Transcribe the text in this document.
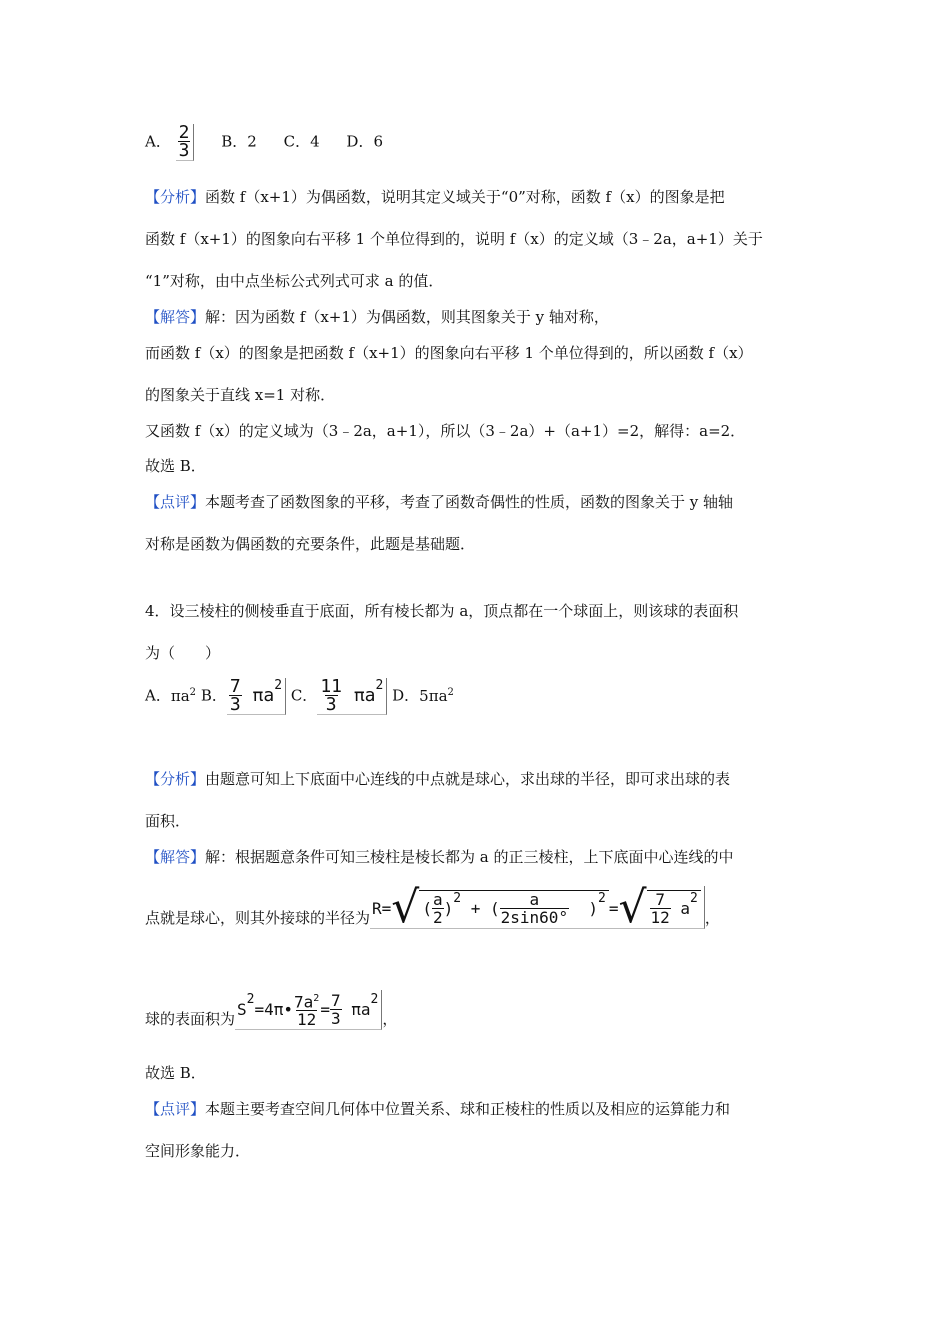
A． $\frac{2}{3}$ B．2 C．4 D．6
【分析】函数 f（x+1）为偶函数，说明其定义域关于“0”对称，函数 f（x）的图象是把
函数 f（x+1）的图象向右平移 1 个单位得到的，说明 f（x）的定义域（3﹣2a，a+1）关于
“1”对称，由中点坐标公式列式可求 a 的值．
【解答】解：因为函数 f（x+1）为偶函数，则其图象关于 y 轴对称，
而函数 f（x）的图象是把函数 f（x+1）的图象向右平移 1 个单位得到的，所以函数 f（x）
的图象关于直线 x=1 对称．
又函数 f（x）的定义域为（3﹣2a，a+1），所以（3﹣2a）+（a+1）=2，解得：a=2．
故选 B．
【点评】本题考查了函数图象的平移，考查了函数奇偶性的性质，函数的图象关于 y 轴轴
对称是函数为偶函数的充要条件，此题是基础题．
4．设三棱柱的侧棱垂直于底面，所有棱长都为 a，顶点都在一个球面上，则该球的表面积
为（　　）
A．$\pi a^2$ B． $\frac{7}{3}$
πa 2
C． $\frac{11}{3}$
πa 2
D．$5\pi a^2$
【分析】由题意可知上下底面中心连线的中点就是球心，求出球的半径，即可求出球的表
面积．
【解答】解：根据题意条件可知三棱柱是棱长都为 a 的正三棱柱，上下底面中心连线的中
点就是球心，则其外接球的半径为
R= √ ( $\frac{a}{2}$ )
2

+
( $\frac{a}{2\sin 60^\circ}$
)
2 = √ $\frac{7}{12}$
a
2
，
球的表面积为 S
2
=4π• $\frac{7a^2}{12} = \frac{7}{3}$
πa
2
，
故选 B．
【点评】本题主要考查空间几何体中位置关系、球和正棱柱的性质以及相应的运算能力和
空间形象能力．
